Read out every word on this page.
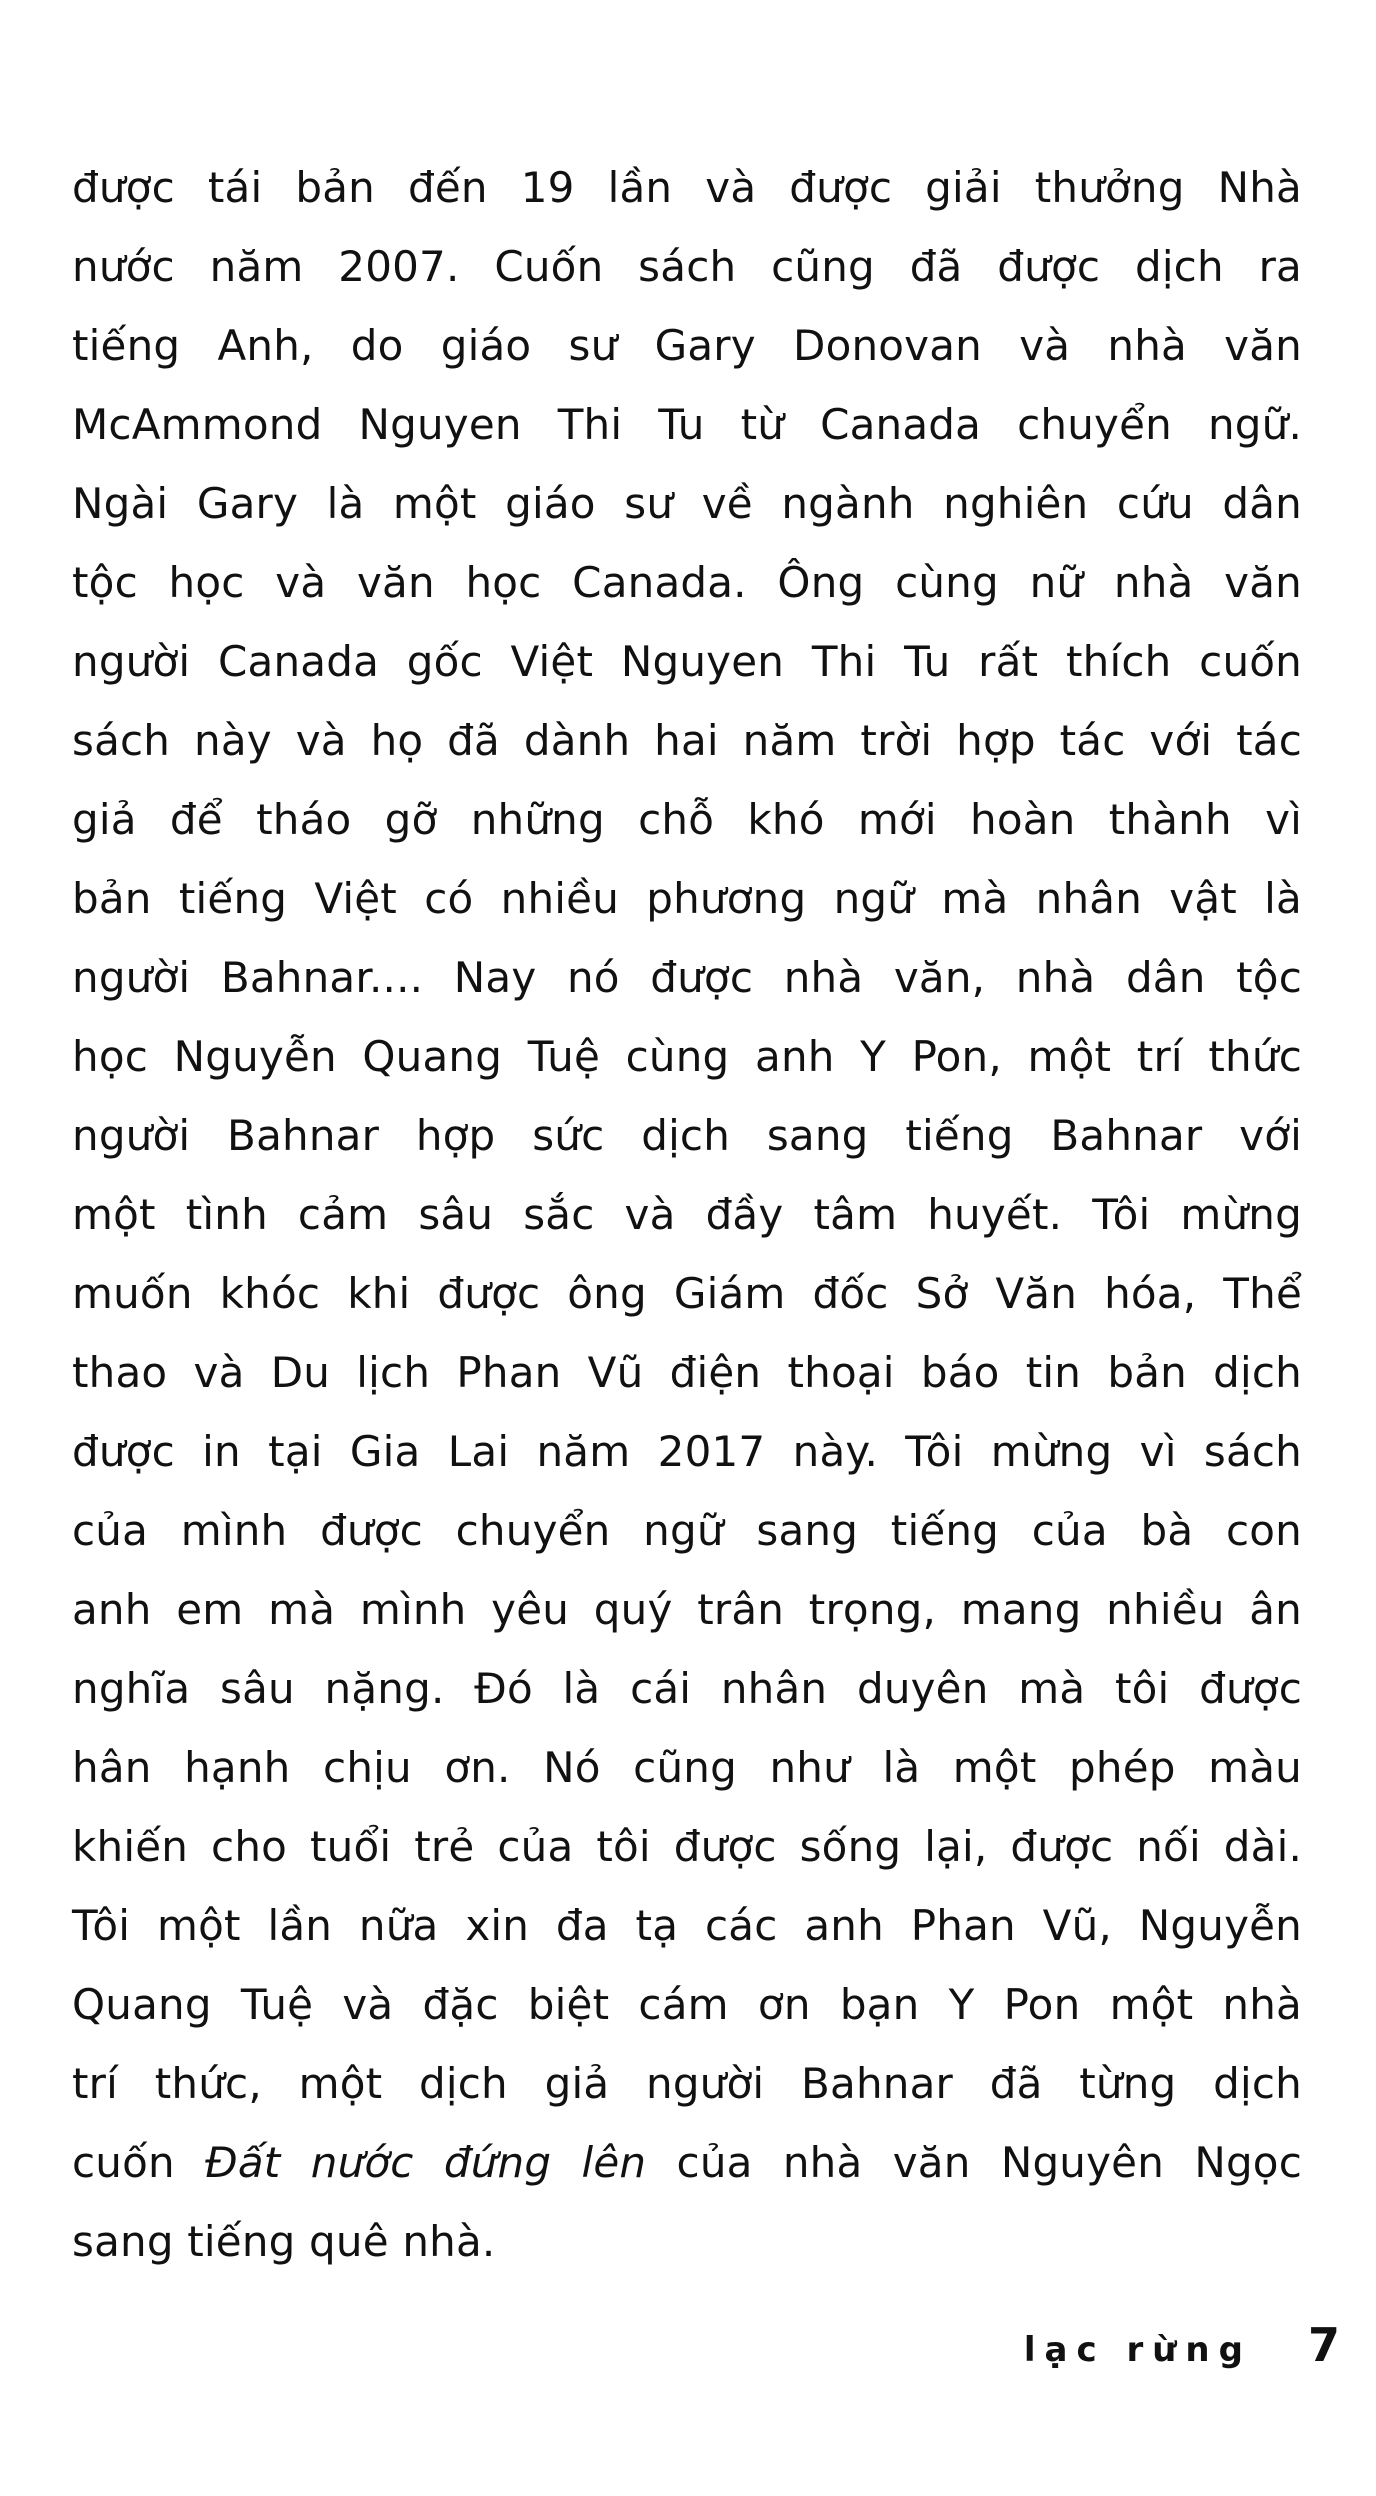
được tái bản đến 19 lần và được giải thưởng Nhà
nước năm 2007. Cuốn sách cũng đã được dịch ra
tiếng Anh, do giáo sư Gary Donovan và nhà văn
McAmmond Nguyen Thi Tu từ Canada chuyển ngữ.
Ngài Gary là một giáo sư về ngành nghiên cứu dân
tộc học và văn học Canada. Ông cùng nữ nhà văn
người Canada gốc Việt Nguyen Thi Tu rất thích cuốn
sách này và họ đã dành hai năm trời hợp tác với tác
giả để tháo gỡ những chỗ khó mới hoàn thành vì
bản tiếng Việt có nhiều phương ngữ mà nhân vật là
người Bahnar.... Nay nó được nhà văn, nhà dân tộc
học Nguyễn Quang Tuệ cùng anh Y Pon, một trí thức
người Bahnar hợp sức dịch sang tiếng Bahnar với
một tình cảm sâu sắc và đầy tâm huyết. Tôi mừng
muốn khóc khi được ông Giám đốc Sở Văn hóa, Thể
thao và Du lịch Phan Vũ điện thoại báo tin bản dịch
được in tại Gia Lai năm 2017 này. Tôi mừng vì sách
của mình được chuyển ngữ sang tiếng của bà con
anh em mà mình yêu quý trân trọng, mang nhiều ân
nghĩa sâu nặng. Đó là cái nhân duyên mà tôi được
hân hạnh chịu ơn. Nó cũng như là một phép màu
khiến cho tuổi trẻ của tôi được sống lại, được nối dài.
Tôi một lần nữa xin đa tạ các anh Phan Vũ, Nguyễn
Quang Tuệ và đặc biệt cám ơn bạn Y Pon một nhà
trí thức, một dịch giả người Bahnar đã từng dịch
cuốn Đất nước đứng lên của nhà văn Nguyên Ngọc
sang tiếng quê nhà.
lạc rừng 7
